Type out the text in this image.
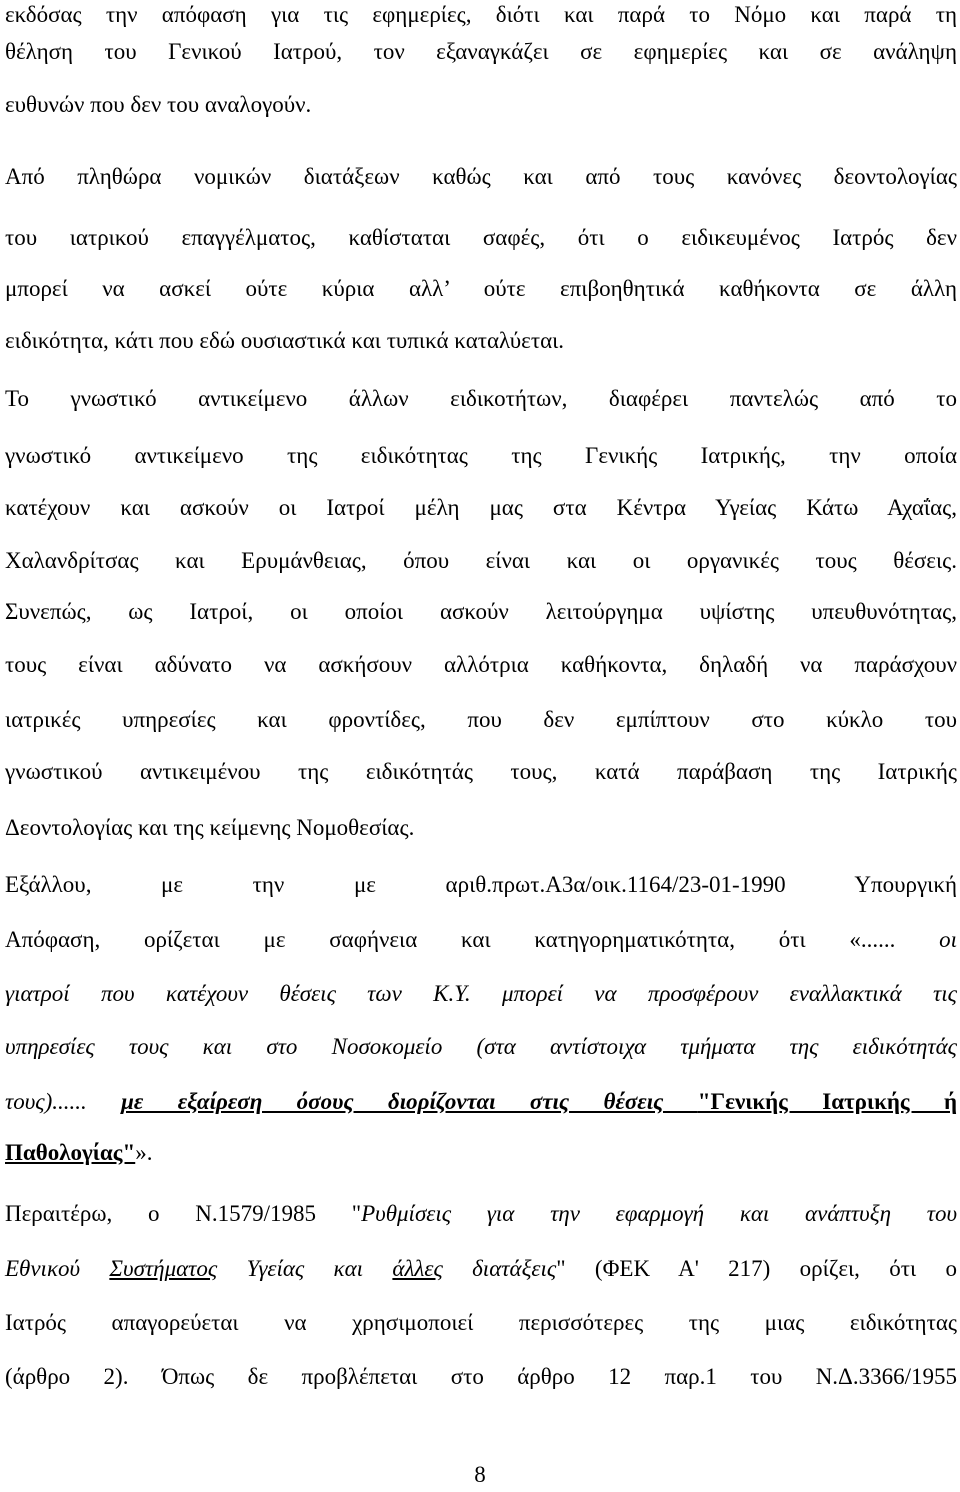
εκδόσας την απόφαση για τις εφημερίες, διότι και παρά το Νόμο και παρά τη
θέληση του Γενικού Ιατρού, τον εξαναγκάζει σε εφημερίες και σε ανάληψη
ευθυνών που δεν του αναλογούν.
Από πληθώρα νομικών διατάξεων καθώς και από τους κανόνες δεοντολογίας
του ιατρικού επαγγέλματος, καθίσταται σαφές, ότι ο ειδικευμένος Ιατρός δεν
μπορεί να ασκεί ούτε κύρια αλλ’ ούτε επιβοηθητικά καθήκοντα σε άλλη
ειδικότητα, κάτι που εδώ ουσιαστικά και τυπικά καταλύεται.
Το γνωστικό αντικείμενο άλλων ειδικοτήτων, διαφέρει παντελώς από το
γνωστικό αντικείμενο της ειδικότητας της Γενικής Ιατρικής, την οποία
κατέχουν και ασκούν οι Ιατροί μέλη μας στα Κέντρα Υγείας Κάτω Αχαΐας,
Χαλανδρίτσας και Ερυμάνθειας, όπου είναι και οι οργανικές τους θέσεις.
Συνεπώς, ως Ιατροί, οι οποίοι ασκούν λειτούργημα υψίστης υπευθυνότητας,
τους είναι αδύνατο να ασκήσουν αλλότρια καθήκοντα, δηλαδή να παράσχουν
ιατρικές υπηρεσίες και φροντίδες, που δεν εμπίπτουν στο κύκλο του
γνωστικού αντικειμένου της ειδικότητάς τους, κατά παράβαση της Ιατρικής
Δεοντολογίας και της κείμενης Νομοθεσίας.
Εξάλλου, με την με αριθ.πρωτ.Α3α/οικ.1164/23-01-1990 Υπουργική
Απόφαση, ορίζεται με σαφήνεια και κατηγορηματικότητα, ότι «...... οι
γιατροί που κατέχουν θέσεις των Κ.Υ. μπορεί να προσφέρουν εναλλακτικά τις
υπηρεσίες τους και στο Νοσοκομείο (στα αντίστοιχα τμήματα της ειδικότητάς
τους)...... με εξαίρεση όσους διορίζονται στις θέσεις "Γενικής Ιατρικής ή
Παθολογίας"».
Περαιτέρω, ο Ν.1579/1985 "Ρυθμίσεις για την εφαρμογή και ανάπτυξη του
Εθνικού Συστήματος Υγείας και άλλες διατάξεις" (ΦΕΚ Α' 217) ορίζει, ότι ο
Ιατρός απαγορεύεται να χρησιμοποιεί περισσότερες της μιας ειδικότητας
(άρθρο 2). Όπως δε προβλέπεται στο άρθρο 12 παρ.1 του Ν.Δ.3366/1955
8
